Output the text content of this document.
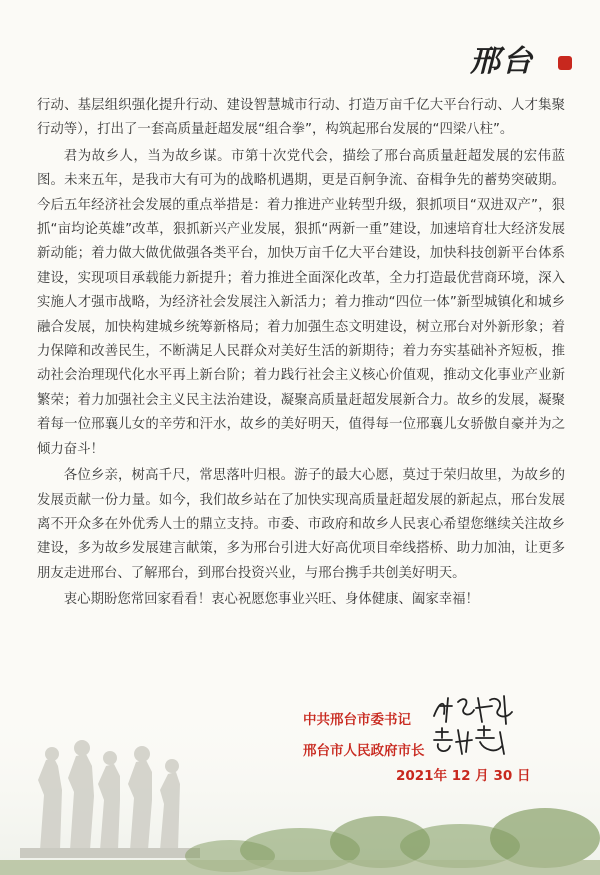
邢台

行动、基层组织强化提升行动、建设智慧城市行动、打造万亩千亿大平台行动、人才集聚行动等），打出了一套高质量赶超发展“组合拳”，构筑起邢台发展的“四梁八柱”。

君为故乡人，当为故乡谋。市第十次党代会，描绘了邢台高质量赶超发展的宏伟蓝图。未来五年，是我市大有可为的战略机遇期，更是百舸争流、奋楫争先的蓄势突破期。今后五年经济社会发展的重点举措是：着力推进产业转型升级，狠抓项目“双进双产”，狠抓“亩均论英雄”改革，狠抓新兴产业发展，狠抓“两新一重”建设，加速培育壮大经济发展新动能；着力做大做优做强各类平台，加快万亩千亿大平台建设，加快科技创新平台体系建设，实现项目承载能力新提升；着力推进全面深化改革，全力打造最优营商环境，深入实施人才强市战略，为经济社会发展注入新活力；着力推动“四位一体”新型城镇化和城乡融合发展，加快构建城乡统筹新格局；着力加强生态文明建设，树立邢台对外新形象；着力保障和改善民生，不断满足人民群众对美好生活的新期待；着力夯实基础补齐短板，推动社会治理现代化水平再上新台阶；着力践行社会主义核心价值观，推动文化事业产业新繁荣；着力加强社会主义民主法治建设，凝聚高质量赶超发展新合力。故乡的发展，凝聚着每一位邢襄儿女的辛劳和汗水，故乡的美好明天，值得每一位邢襄儿女骄傲自豪并为之倾力奋斗！

各位乡亲，树高千尺，常思落叶归根。游子的最大心愿，莫过于荣归故里，为故乡的发展贡献一份力量。如今，我们故乡站在了加快实现高质量赶超发展的新起点，邢台发展离不开众多在外优秀人士的鼎立支持。市委、市政府和故乡人民衷心希望您继续关注故乡建设，多为故乡发展建言献策，多为邢台引进大好高优项目牵线搭桥、助力加油，让更多朋友走进邢台、了解邢台，到邢台投资兴业，与邢台携手共创美好明天。

衷心期盼您常回家看看！衷心祝愿您事业兴旺、身体健康、阖家幸福！

中共邢台市委书记
邢台市人民政府市长
2021年 12 月 30 日
